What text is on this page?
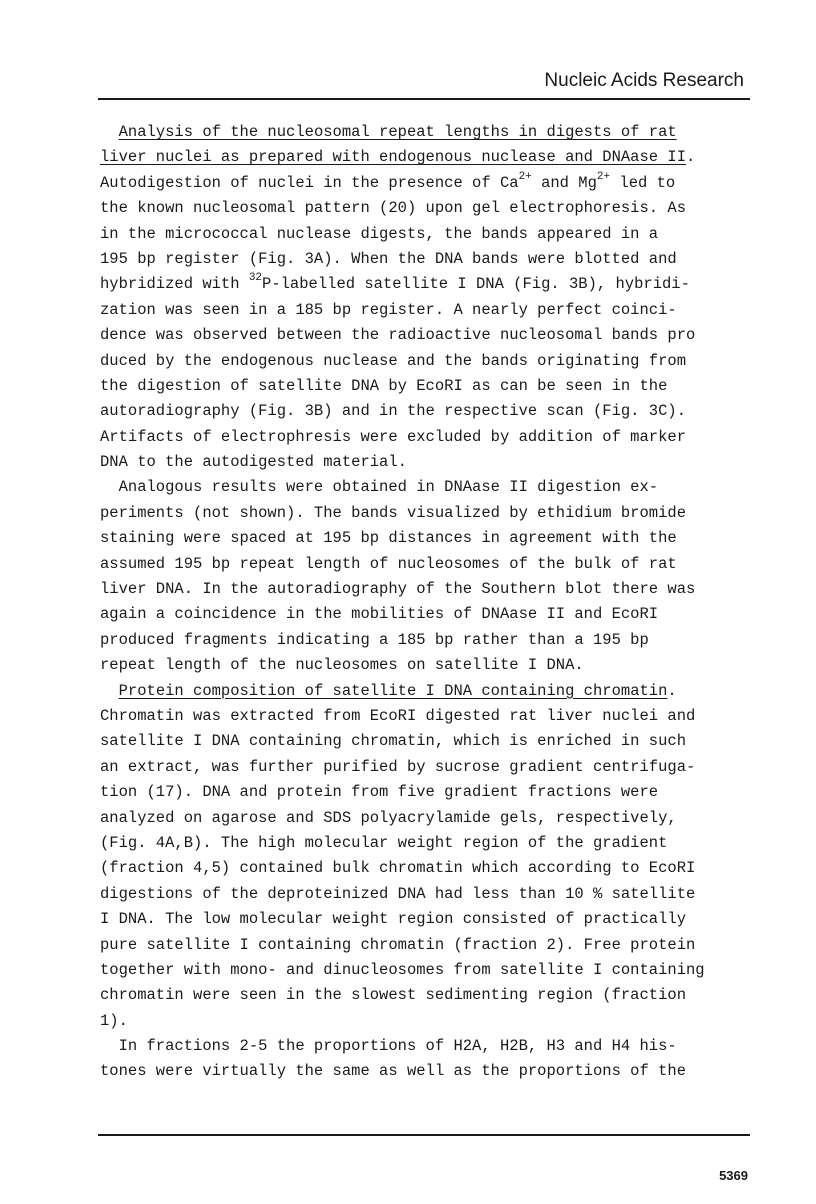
Nucleic Acids Research
Analysis of the nucleosomal repeat lengths in digests of rat
liver nuclei as prepared with endogenous nuclease and DNAase II.
Autodigestion of nuclei in the presence of $Ca^{2+}$ and $Mg^{2+}$ led to
the known nucleosomal pattern (20) upon gel electrophoresis. As
in the micrococcal nuclease digests, the bands appeared in a
195 bp register (Fig. 3A). When the DNA bands were blotted and
hybridized with $^{32}$P-labelled satellite I DNA (Fig. 3B), hybridi-
zation was seen in a 185 bp register. A nearly perfect coinci-
dence was observed between the radioactive nucleosomal bands pro
duced by the endogenous nuclease and the bands originating from
the digestion of satellite DNA by EcoRI as can be seen in the
autoradiography (Fig. 3B) and in the respective scan (Fig. 3C).
Artifacts of electrophresis were excluded by addition of marker
DNA to the autodigested material.
Analogous results were obtained in DNAase II digestion ex-
periments (not shown). The bands visualized by ethidium bromide
staining were spaced at 195 bp distances in agreement with the
assumed 195 bp repeat length of nucleosomes of the bulk of rat
liver DNA. In the autoradiography of the Southern blot there was
again a coincidence in the mobilities of DNAase II and EcoRI
produced fragments indicating a 185 bp rather than a 195 bp
repeat length of the nucleosomes on satellite I DNA.
Protein composition of satellite I DNA containing chromatin.
Chromatin was extracted from EcoRI digested rat liver nuclei and
satellite I DNA containing chromatin, which is enriched in such
an extract, was further purified by sucrose gradient centrifuga-
tion (17). DNA and protein from five gradient fractions were
analyzed on agarose and SDS polyacrylamide gels, respectively,
(Fig. 4A,B). The high molecular weight region of the gradient
(fraction 4,5) contained bulk chromatin which according to EcoRI
digestions of the deproteinized DNA had less than 10 % satellite
I DNA. The low molecular weight region consisted of practically
pure satellite I containing chromatin (fraction 2). Free protein
together with mono- and dinucleosomes from satellite I containing
chromatin were seen in the slowest sedimenting region (fraction
1).
In fractions 2-5 the proportions of H2A, H2B, H3 and H4 his-
tones were virtually the same as well as the proportions of the
5369
